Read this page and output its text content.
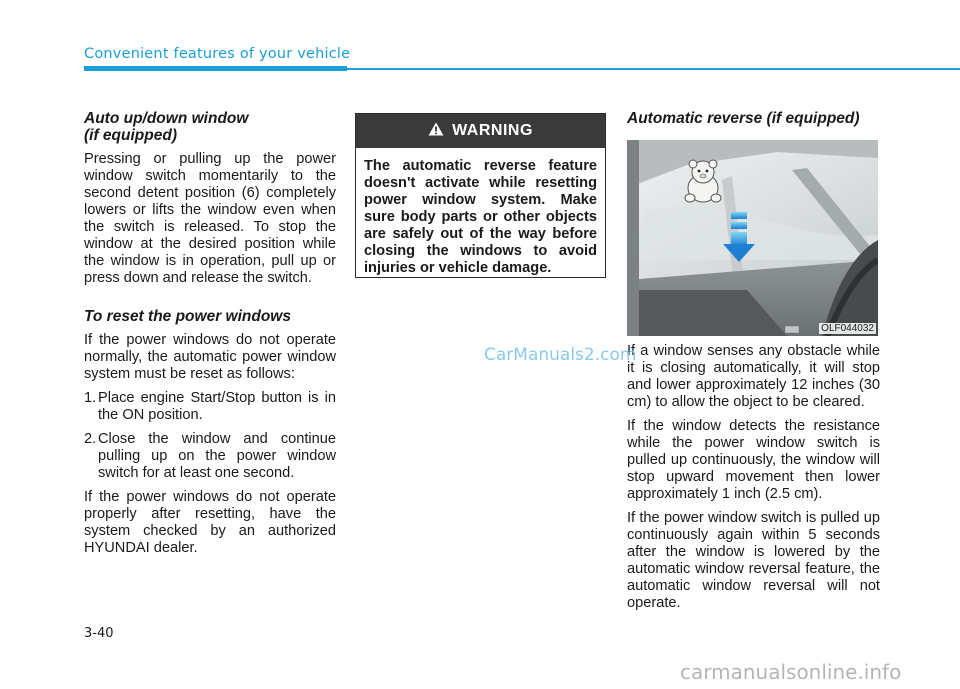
Convenient features of your vehicle
Auto up/down window
(if equipped)

Pressing or pulling up the power window switch momentarily to the second detent position (6) completely lowers or lifts the window even when the switch is released. To stop the window at the desired position while the window is in operation, pull up or press down and release the switch.

To reset the power windows

If the power windows do not operate normally, the automatic power window system must be reset as follows:

1. Place engine Start/Stop button is in the ON position.
2. Close the window and continue pulling up on the power window switch for at least one second.

If the power windows do not operate properly after resetting, have the system checked by an authorized HYUNDAI dealer.

WARNING
The automatic reverse feature doesn't activate while resetting power window system. Make sure body parts or other objects are safely out of the way before closing the windows to avoid injuries or vehicle damage.
Automatic reverse (if equipped)
OLF044032

If a window senses any obstacle while it is closing automatically, it will stop and lower approximately 12 inches (30 cm) to allow the object to be cleared.

If the window detects the resistance while the power window switch is pulled up continuously, the window will stop upward movement then lower approximately 1 inch (2.5 cm).

If the power window switch is pulled up continuously again within 5 seconds after the window is lowered by the automatic window reversal feature, the automatic window reversal will not operate.

CarManuals2.com
3-40
carmanualsonline.info
